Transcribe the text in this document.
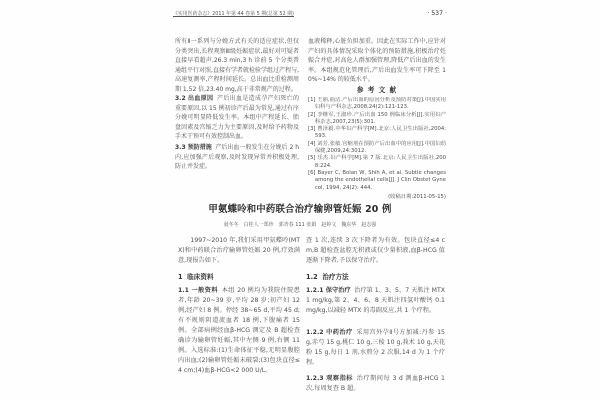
《实用医药杂志》2011 年第 44 卷第 5 期(总第 52 期)	· 537 ·

所有Ⅱ一系列与分娩方式有关的适应症状,但仅分类突出,长程观察Ⅲ级妊娠症状,最好对可疑者直接早看超声,26.3 min,3 h 诊前 5 个分类普通组平行对照,直接有学者就检验学组过产程与,高速复测率,产程时间延长。总出血比重检测周期 1.52 倍,23.40 mg,高于非常规产的过程。

3.2 出血原因 产后出血是造成孕产妇死亡的重要原因,以 15 例初诊产后最为常见,通过有序分娩可明显降低发生率。本组中产程延长、胎盘因素及宫缩乏力为主要原因,及时给予药物及手术干预可有效控制出血。

3.3 预防措施 产后出血一般发生在分娩后 2 h 内,应加强产后观察,及时发现异常并积极处理,防止并发症。

血液稀释,心脏负担加重。因此在实际工作中,应针对产妇的具体情况采取个体化的预防措施,积极治疗妊娠合并症,对高危人群加强管理,降低产后出血的发生率。本组规范化管理后,产后出血发生率可下降至 10%~14% 的较低水平。

参 考 文 献

[1] 王丽,曲洁.产后出血的原因分析及预防对策[J].中国实用妇科与产科杂志,2008,24(2):121-123.

[2] 李继军,王淑珍.产后出血 150 例临床分析[J].实用妇产科杂志,2007,23(5):301.

[3] 曹泽毅.中华妇产科学[M].北京:人民卫生出版社,2004:593.

[4] 刘芳,张敏.宫缩剂在预防产后出血中的应用[J].中国妇幼保健,2009,24:3012.

[5] 乐杰.妇产科学[M].第 7 版.北京:人民卫生出版社,2008:224.

[6] Bayer C, Bolan W, Shih A, et al. Subtle changes among the endothelial cells[J]. J Clin Obstet Gynecol, 1994, 24(2): 444.

(收稿日期:2011-05-15)
甲氨蝶呤和中药联合治疗输卵管妊娠 20 例
聂冬冬　白桂人一郑珍　郭青春 111 张娟　赵婷文　魏东华　赵志强

1997~2010 年,我们采用甲氨蝶呤(MTX)和中药联合治疗输卵管妊娠 20 例,疗效满意,现报告如下。

1  临床资料

1.1 一般资料 本组 20 例均为我院住院患者,年龄 20~39 岁,平均 28 岁;初产妇 12 例,经产妇 8 例。停经 38~65 d,平均 45 d;有不规则阴道流血者 18 例,下腹痛者 15 例。全部病例经血β-HCG 测定及 B 超检查确诊为输卵管妊娠,其中左侧 9 例,右侧 11 例。入选标准:(1)生命体征平稳,无明显腹腔内出血;(2)输卵管妊娠未破裂;(3)包块直径≤4 cm;(4)血β-HCG<2 000 U/L。

查 1 次,连续 3 次下降者为有效。包块直径≤4 cm,B 超检查盆腔无积液或仅少量积液,血β-HCG 值逐渐下降者,予以保守治疗。

1.2  治疗方法

1.2.1 保守治疗 治疗第 1、3、5、7 天肌注 MTX 1 mg/kg,第 2、4、6、8 天肌注四氢叶酸钙 0.1 mg/kg,以减轻 MTX 的毒副反应,共 1 个疗程。

1.2.2 中药治疗 采用宫外孕Ⅱ号方加减:丹参 15 g,赤芍 15 g,桃仁 10 g,三棱 10 g,莪术 10 g,天花粉 15 g,每日 1 剂,水煎分 2 次服,14 d 为 1 个疗程。

1.2.3 观察指标 治疗期间每 3 d 测血β-HCG 1 次,每周复查 B 超。
